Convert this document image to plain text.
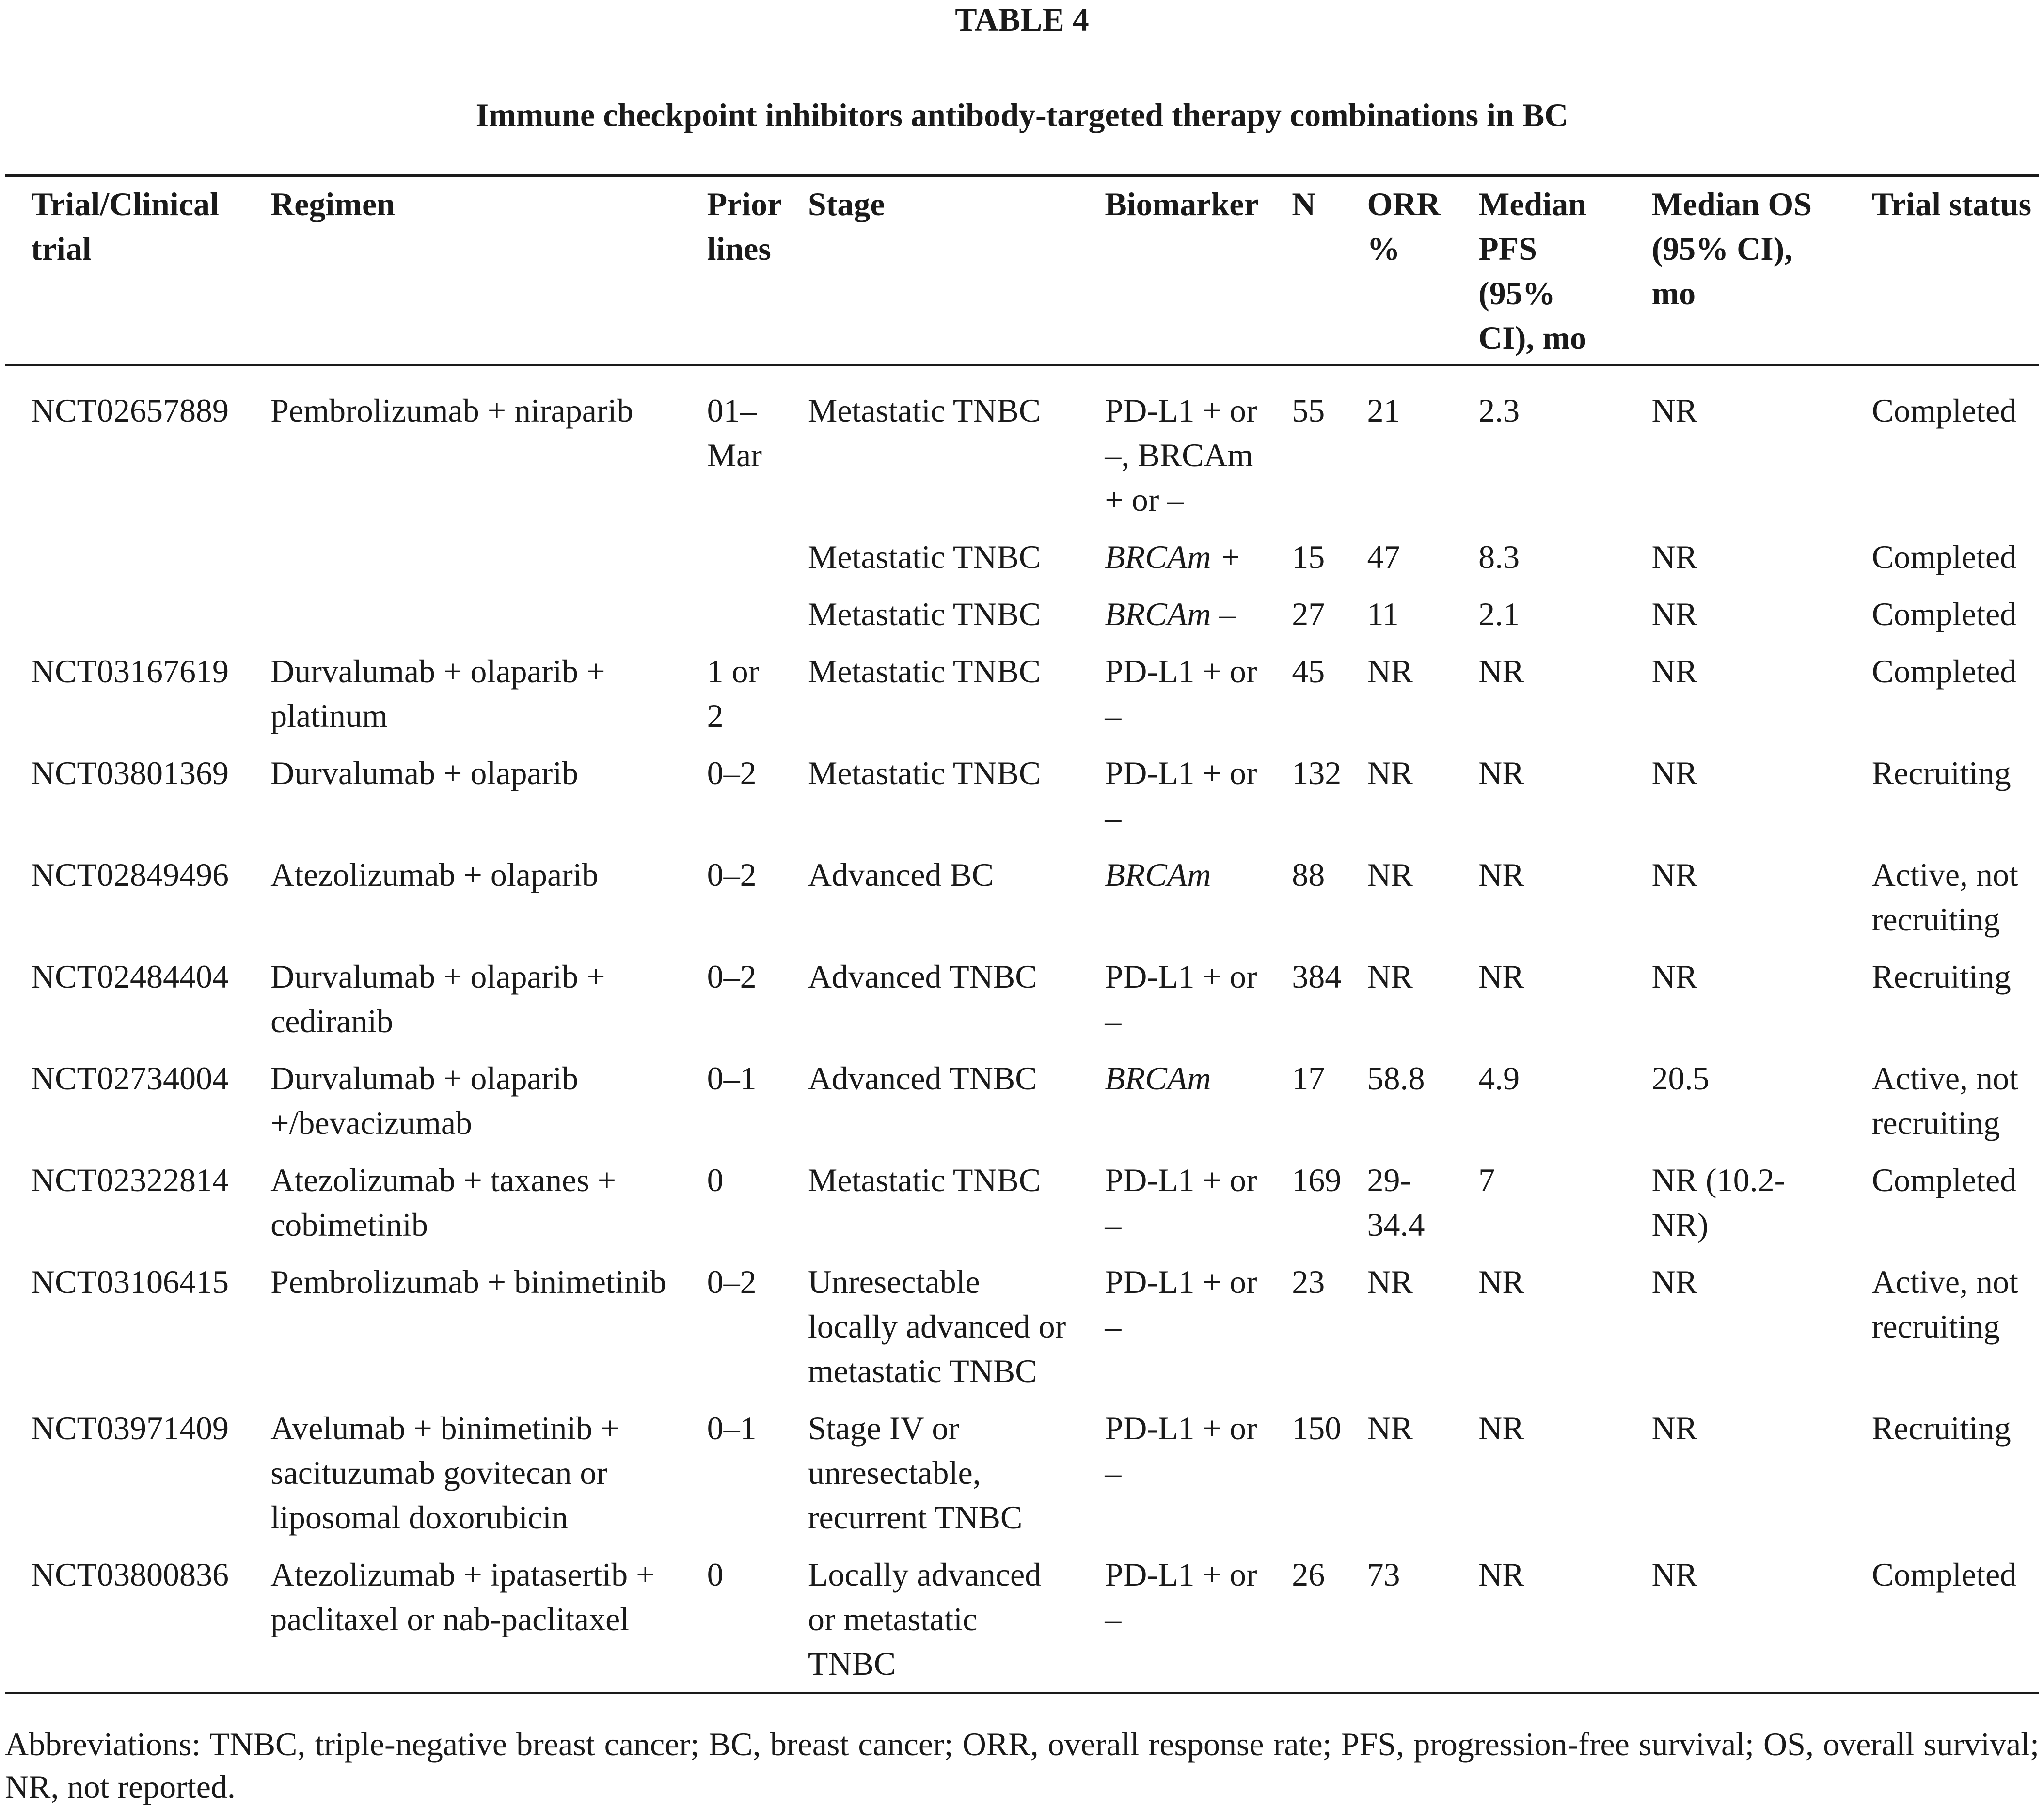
TABLE 4

Immune checkpoint inhibitors antibody-targeted therapy combinations in BC

Trial/Clinical trial	Regimen	Prior lines	Stage	Biomarker	N	ORR %	Median PFS (95% CI), mo	Median OS (95% CI), mo	Trial status
NCT02657889	Pembrolizumab + niraparib	01–Mar	Metastatic TNBC	PD-L1 + or –, BRCAm + or –	55	21	2.3	NR	Completed
			Metastatic TNBC	BRCAm +	15	47	8.3	NR	Completed
			Metastatic TNBC	BRCAm –	27	11	2.1	NR	Completed
NCT03167619	Durvalumab + olaparib + platinum	1 or 2	Metastatic TNBC	PD-L1 + or –	45	NR	NR	NR	Completed
NCT03801369	Durvalumab + olaparib	0–2	Metastatic TNBC	PD-L1 + or –	132	NR	NR	NR	Recruiting
NCT02849496	Atezolizumab + olaparib	0–2	Advanced BC	BRCAm	88	NR	NR	NR	Active, not recruiting
NCT02484404	Durvalumab + olaparib + cediranib	0–2	Advanced TNBC	PD-L1 + or –	384	NR	NR	NR	Recruiting
NCT02734004	Durvalumab + olaparib +/bevacizumab	0–1	Advanced TNBC	BRCAm	17	58.8	4.9	20.5	Active, not recruiting
NCT02322814	Atezolizumab + taxanes + cobimetinib	0	Metastatic TNBC	PD-L1 + or –	169	29-34.4	7	NR (10.2-NR)	Completed
NCT03106415	Pembrolizumab + binimetinib	0–2	Unresectable locally advanced or metastatic TNBC	PD-L1 + or –	23	NR	NR	NR	Active, not recruiting
NCT03971409	Avelumab + binimetinib + sacituzumab govitecan or liposomal doxorubicin	0–1	Stage IV or unresectable, recurrent TNBC	PD-L1 + or –	150	NR	NR	NR	Recruiting
NCT03800836	Atezolizumab + ipatasertib + paclitaxel or nab-paclitaxel	0	Locally advanced or metastatic TNBC	PD-L1 + or –	26	73	NR	NR	Completed

Abbreviations: TNBC, triple-negative breast cancer; BC, breast cancer; ORR, overall response rate; PFS, progression-free survival; OS, overall survival; NR, not reported.
